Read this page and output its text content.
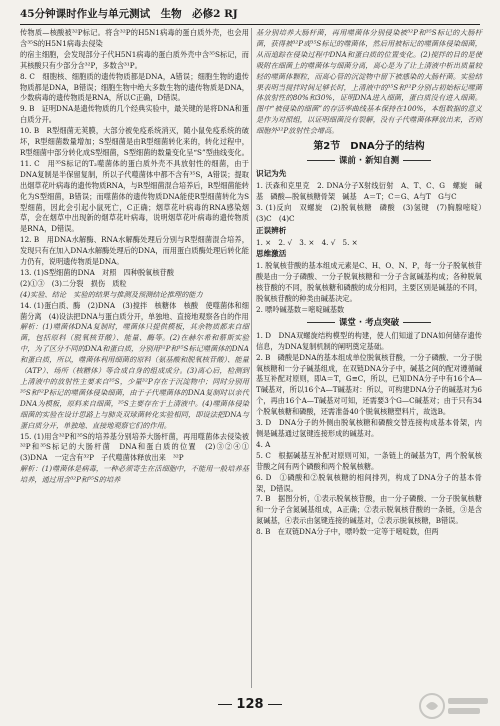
45分钟课时作业与单元测试　生物　必修2 RJ

传物质—核酸被³²P标记。将含³²P的H5N1病毒的蛋白质外壳，也会用含³⁵S的H5N1病毒去侵染

的宿主细胞，会发现部分子代H5N1病毒的蛋白质外壳中含³⁵S标记，而其核酸只有少部分含³²P，多数含³¹P。

8. C　细胞核、细胞质的遗传物质都是DNA，A错误；细胞生物的遗传物质都是DNA，B错误；细胞生物中绝大多数生物的遗传物质是DNA，少数病毒的遗传物质是RNA，所以C正确，D错误。

9. B　证明DNA是遗传物质的几个经典实验中，最关键的是将DNA和蛋白质分开。

10. B　R型细菌无荚膜，大部分被免疫系统消灭，随小鼠免疫系统的破坏，R型细菌数量增加；S型细菌是由R型细菌转化来的，转化过程中，R型细菌中部分转化成S型细菌，S型细菌的数量变化呈“S”型曲线变化。

11. C　用³⁵S标记的T₂噬菌体的蛋白质外壳不具放射性的细菌，由于DNA复制是半保留复制，所以子代噬菌体中都不含有³⁵S，A错误；提取出烟草花叶病毒的遗传物质RNA，与R型细菌混合培养后，R型细菌能转化为S型细菌，B错误；而噬菌体的遗传物质DNA能使R型细菌转化为S型细菌，因此会引起小鼠死亡，C正确；烟草花叶病毒的RNA感染烟草，会在烟草中出现新的烟草花叶病毒，说明烟草花叶病毒的遗传物质是RNA，D错误。

12. B　用DNA水解酶、RNA水解酶处理后分别与R型细菌混合培养，发现只有在加入DNA水解酶处理后的DNA，而用蛋白质酶处理后转化能力仍有，说明遗传物质是DNA。

13. (1)S型细菌的DNA　对照　四种脱氧核苷酸

(2)①③　(3)二分裂　损伤　质粒

(4)实验、结论　实验的结果与推测及预测结论推理的能力

14. (1)蛋白质、酶　(2)DNA　(3)搅拌　核糖体　核酸　使噬菌体和细菌分离　(4)设法把DNA与蛋白质分开，单独地、直接地观察各自的作用

解析：(1)噬菌体DNA复制时，噬菌体只提供模板，其余物质都来自细菌，包括原料（脱氧核苷酸）、能量、酶等。(2)在赫尔希和蔡斯实验中，为了区分不同的DNA和蛋白质，分别用³²P和³⁵S标记噬菌体的DNA和蛋白质，所以，噬菌体利用细菌的原料（氨基酸和脱氧核苷酸）、能量（ATP）、场所（核糖体）等合成自身的组成成分。(3)离心后，检测到上清液中的放射性主要来自³⁵S，少量³²P存在于沉淀物中；同时分别用³⁵S和³²P标记的噬菌体侵染细菌，由于子代噬菌体的DNA复制时以亲代DNA为模板，原料来自细菌，³⁵S主要存在于上清液中。(4)噬菌体侵染细菌的实验在设计思路上与肺炎双球菌转化实验相同，即设法把DNA与蛋白质分开，单独地、直接地观察它们的作用。

15. (1)用含³²P和³⁵S的培养基分别培养大肠杆菌，再用噬菌体去侵染被³²P和³⁵S标记的大肠杆菌　DNA和蛋白质的位置　(2)③②④①　(3)DNA　一定含有³²P　子代噬菌体释放出来　³²P

解析：(1)噬菌体是病毒，一种必须寄生在活细胞中，不能用一般培养基培养，通过用含³²P和³⁵S的培养

基分别培养大肠杆菌，再用噬菌体分别侵染被³²P和³⁵S标记的大肠杆菌，获得被³²P或³⁵S标记的噬菌体，然后用被标记的噬菌体侵染细菌，从而追踪在侵染过程中DNA和蛋白质的位置变化。(2)搅拌的目的是使吸附在细菌上的噬菌体与细菌分离，离心是为了让上清液中析出质量较轻的噬菌体颗粒，而离心管的沉淀物中留下被感染的大肠杆菌。实验结果表明当搅拌时间足够长时，上清液中的³⁵S和³²P分别占初始标记噬菌体放射性的80%和30%，证明DNA进入细菌，蛋白质没有进入细菌。图中“被侵染的细菌”的存活率曲线基本保持在100%，本组数据的意义是作为对照组，以证明细菌没有裂解，没有子代噬菌体释放出来，否则细胞外³²P放射性会增高。

第2节　DNA分子的结构
课前 · 新知自测
识记为先

1. 沃森和克里克　2. DNA分子X射线衍射　A、T、C、G　螺旋　碱基　磷酸—脱氧核糖骨架　碱基　A＝T；C＝G、A与T　G与C

3. (1)反向　双螺旋　(2)脱氧核糖　磷酸　(3)氢键　(7)胸腺嘧啶）　(3)C　(4)C

正误辨析

1. ×　2. √　3. ×　4. √　5. ×

思维激活

1. 脱氧核苷酸的基本组成元素是C、H、O、N、P，每一分子脱氧核苷酸是由一分子磷酸、一分子脱氧核糖和一分子含氮碱基构成；各种脱氧核苷酸的不同，脱氧核糖和磷酸的成分相同，主要区别是碱基的不同，脱氧核苷酸的种类由碱基决定。

2. 嘌呤碱基数＝嘧啶碱基数

课堂 · 考点突破

1. D　DNA双螺旋结构模型的构建，使人们知道了DNA如何储存遗传信息，为DNA复制机制的阐明奠定基础。

2. B　磷酸是DNA的基本组成单位脱氧核苷酸，一分子磷酸、一分子脱氧核糖和一分子碱基组成，在双链DNA分子中，碱基之间的配对遵循碱基互补配对原则，即A＝T，G≡C，所以，已知DNA分子中有16个A—T碱基对，所以16个A—T碱基对：所以，可构建DNA分子的碱基对为6个，再由16个A—T碱基对可知，还需要3个G—C碱基对；由于只有34个脱氧核糖和磷酸，还需准备40个脱氧核糖塑料片，故选B。

3. D　DNA分子的外侧由脱氧核糖和磷酸交替连接构成基本骨架，内侧是碱基通过氢键连接形成的碱基对。

4. A

5. C　根据碱基互补配对原则可知，一条链上的碱基为T，两个脱氧核苷酸之间有两个磷酸和两个脱氧核糖。

6. D　①磷酸和②脱氧核糖的相间排列，构成了DNA分子的基本骨架，D错误。

7. B　据图分析，①表示脱氧核苷酸，由一分子磷酸、一分子脱氧核糖和一分子含氮碱基组成，A正确；②表示脱氧核苷酸的一条链，③是含氮碱基，④表示由氢键连接的碱基对，②表示脱氧核糖，B错误。

8. B　在双链DNA分子中，嘌呤数一定等于嘧啶数，但两

128
